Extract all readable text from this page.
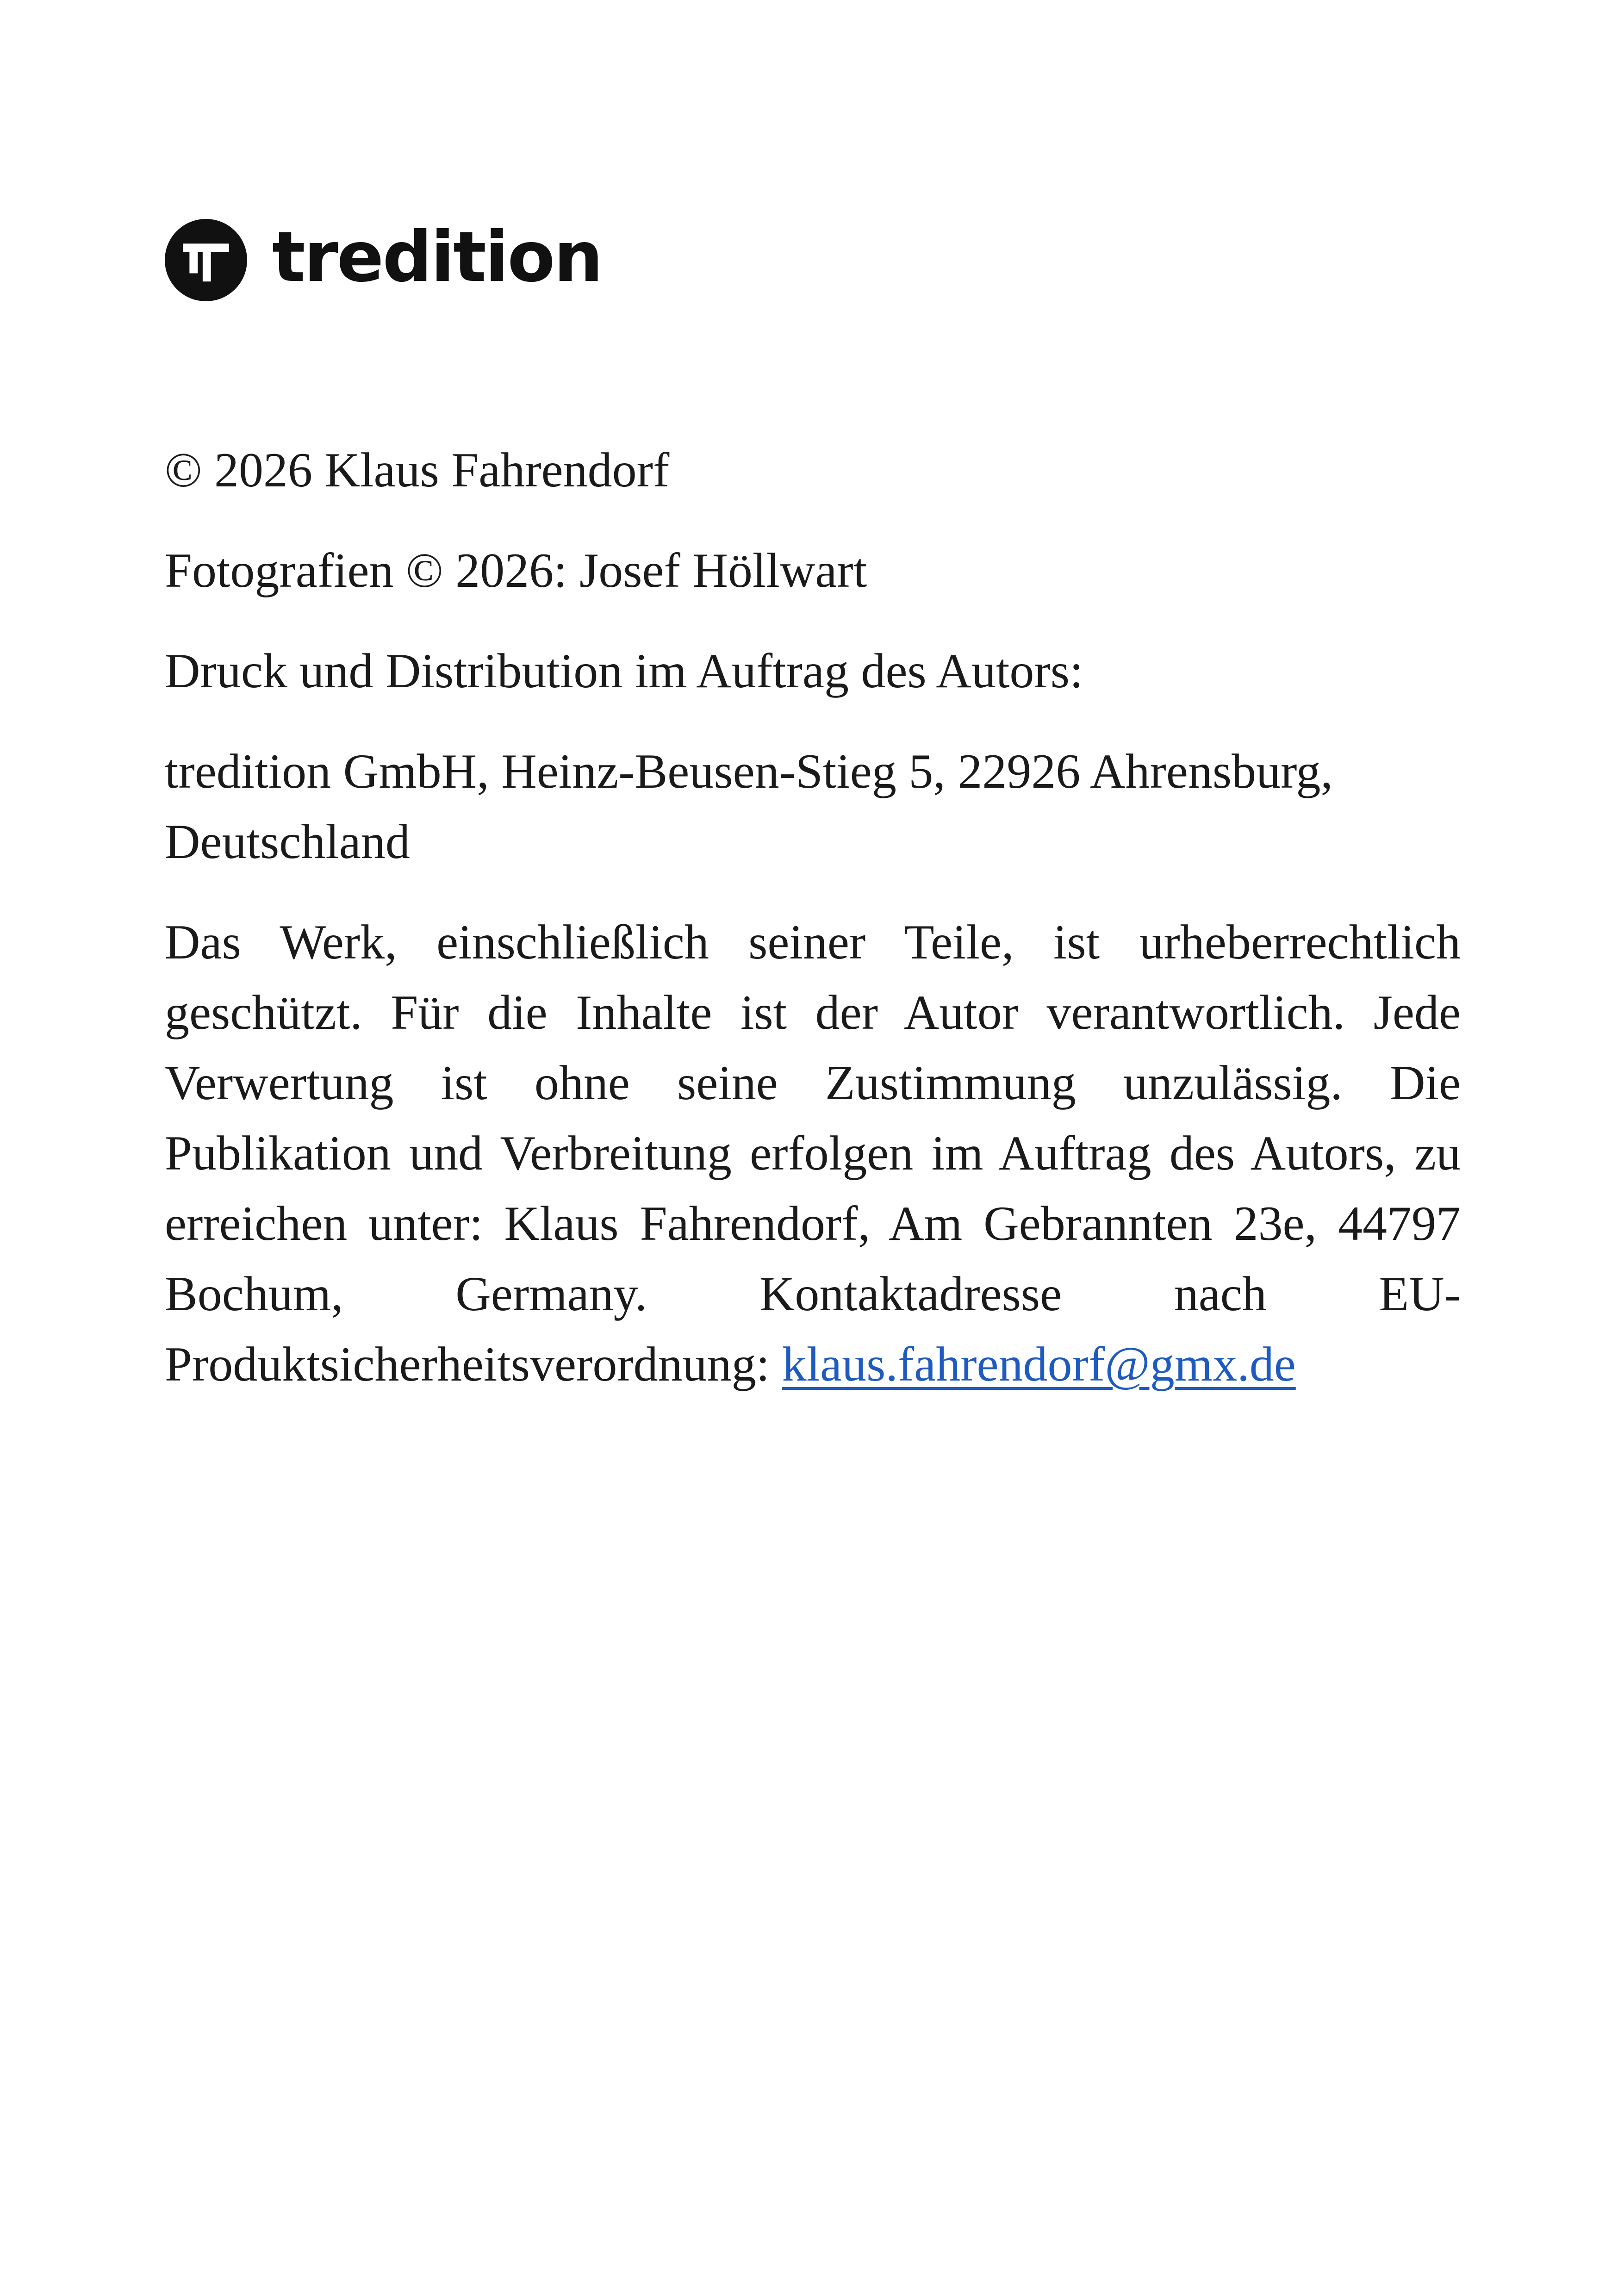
tredition

© 2026 Klaus Fahrendorf

Fotografien © 2026: Josef Höllwart

Druck und Distribution im Auftrag des Autors:

tredition GmbH, Heinz-Beusen-Stieg 5, 22926 Ahrensburg, Deutschland

Das Werk, einschließlich seiner Teile, ist urheberrechtlich geschützt. Für die Inhalte ist der Autor verantwortlich. Jede Verwertung ist ohne seine Zustimmung unzulässig. Die Publikation und Verbreitung erfolgen im Auftrag des Autors, zu erreichen unter: Klaus Fahrendorf, Am Gebrannten 23e, 44797 Bochum, Germany. Kontaktadresse nach EU-Produktsicherheitsverordnung: klaus.fahrendorf@gmx.de
